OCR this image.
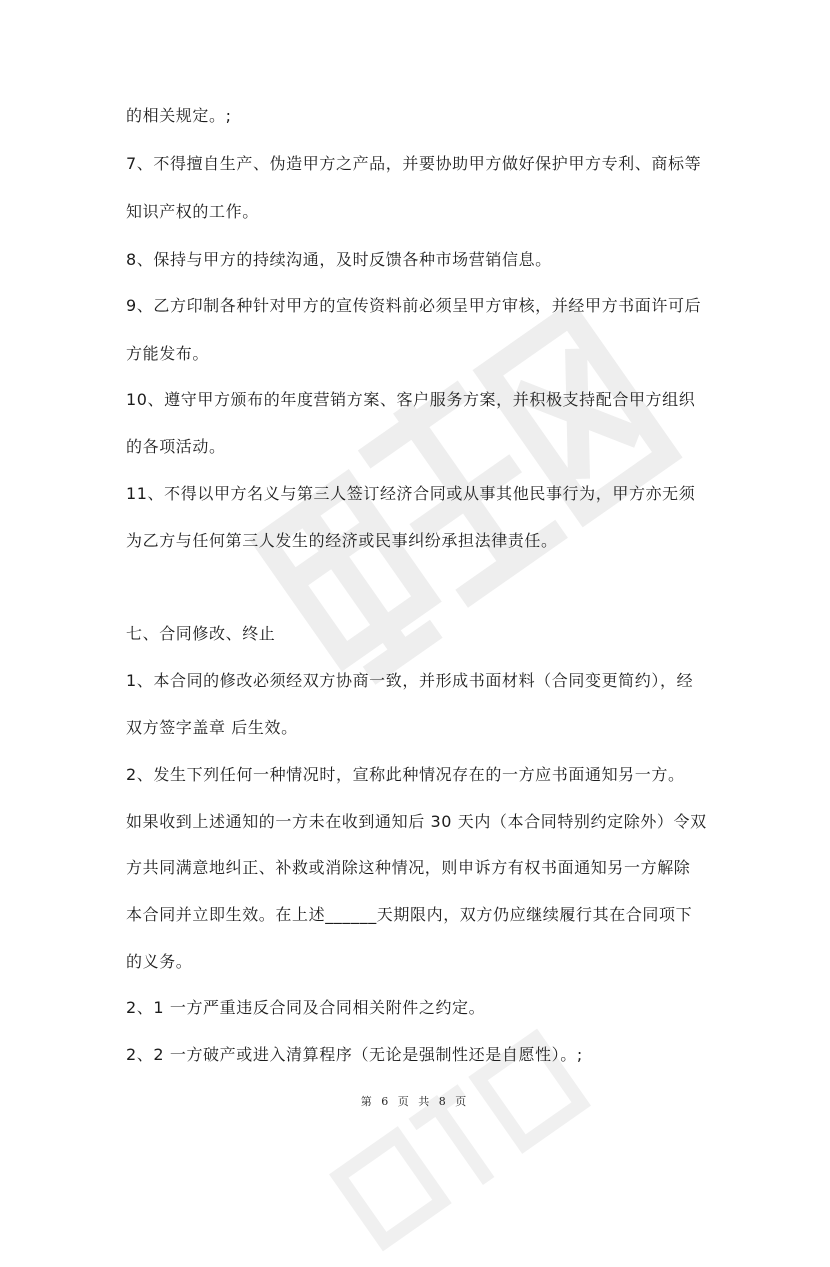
的相关规定。;
7、不得擅自生产、伪造甲方之产品，并要协助甲方做好保护甲方专利、商标等
知识产权的工作。
8、保持与甲方的持续沟通，及时反馈各种市场营销信息。
9、乙方印制各种针对甲方的宣传资料前必须呈甲方审核，并经甲方书面许可后
方能发布。
10、遵守甲方颁布的年度营销方案、客户服务方案，并积极支持配合甲方组织
的各项活动。
11、不得以甲方名义与第三人签订经济合同或从事其他民事行为，甲方亦无须
为乙方与任何第三人发生的经济或民事纠纷承担法律责任。
七、合同修改、终止
1、本合同的修改必须经双方协商一致，并形成书面材料（合同变更简约），经
双方签字盖章 后生效。
2、发生下列任何一种情况时，宣称此种情况存在的一方应书面通知另一方。
如果收到上述通知的一方未在收到通知后 30 天内（本合同特别约定除外）令双
方共同满意地纠正、补救或消除这种情况，则申诉方有权书面通知另一方解除
本合同并立即生效。在上述______天期限内，双方仍应继续履行其在合同项下
的义务。
2、1 一方严重违反合同及合同相关附件之约定。
2、2 一方破产或进入清算程序（无论是强制性还是自愿性）。;
第 6 页 共 8 页
